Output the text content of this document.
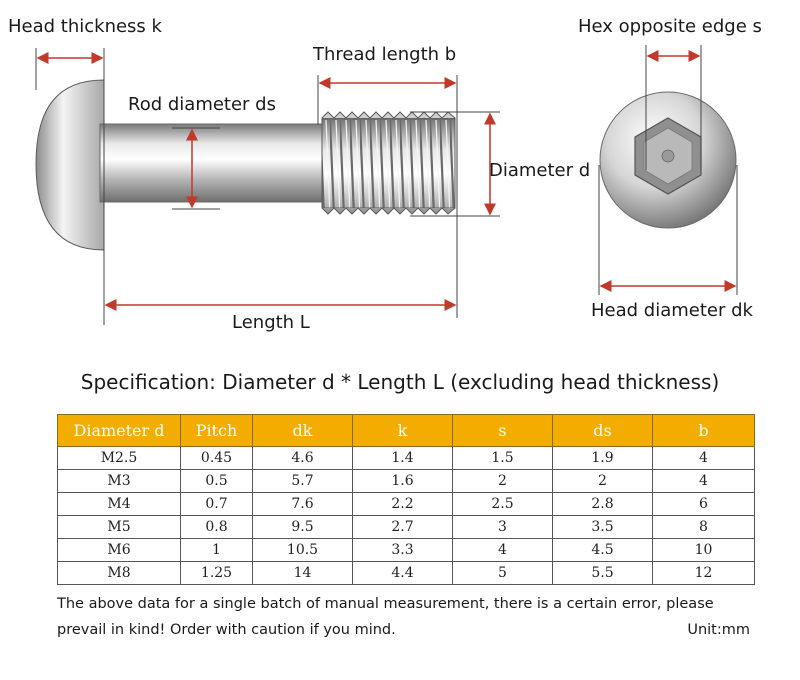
Head thickness k
Thread length b
Rod diameter ds
Diameter d
Length L
Hex opposite edge s
Head diameter dk
Specification: Diameter d * Length L (excluding head thickness)
Diameter d	Pitch	dk	k	s	ds	b
M2.5	0.45	4.6	1.4	1.5	1.9	4
M3	0.5	5.7	1.6	2	2	4
M4	0.7	7.6	2.2	2.5	2.8	6
M5	0.8	9.5	2.7	3	3.5	8
M6	1	10.5	3.3	4	4.5	10
M8	1.25	14	4.4	5	5.5	12
The above data for a single batch of manual measurement, there is a certain error, please
prevail in kind! Order with caution if you mind.	Unit:mm
